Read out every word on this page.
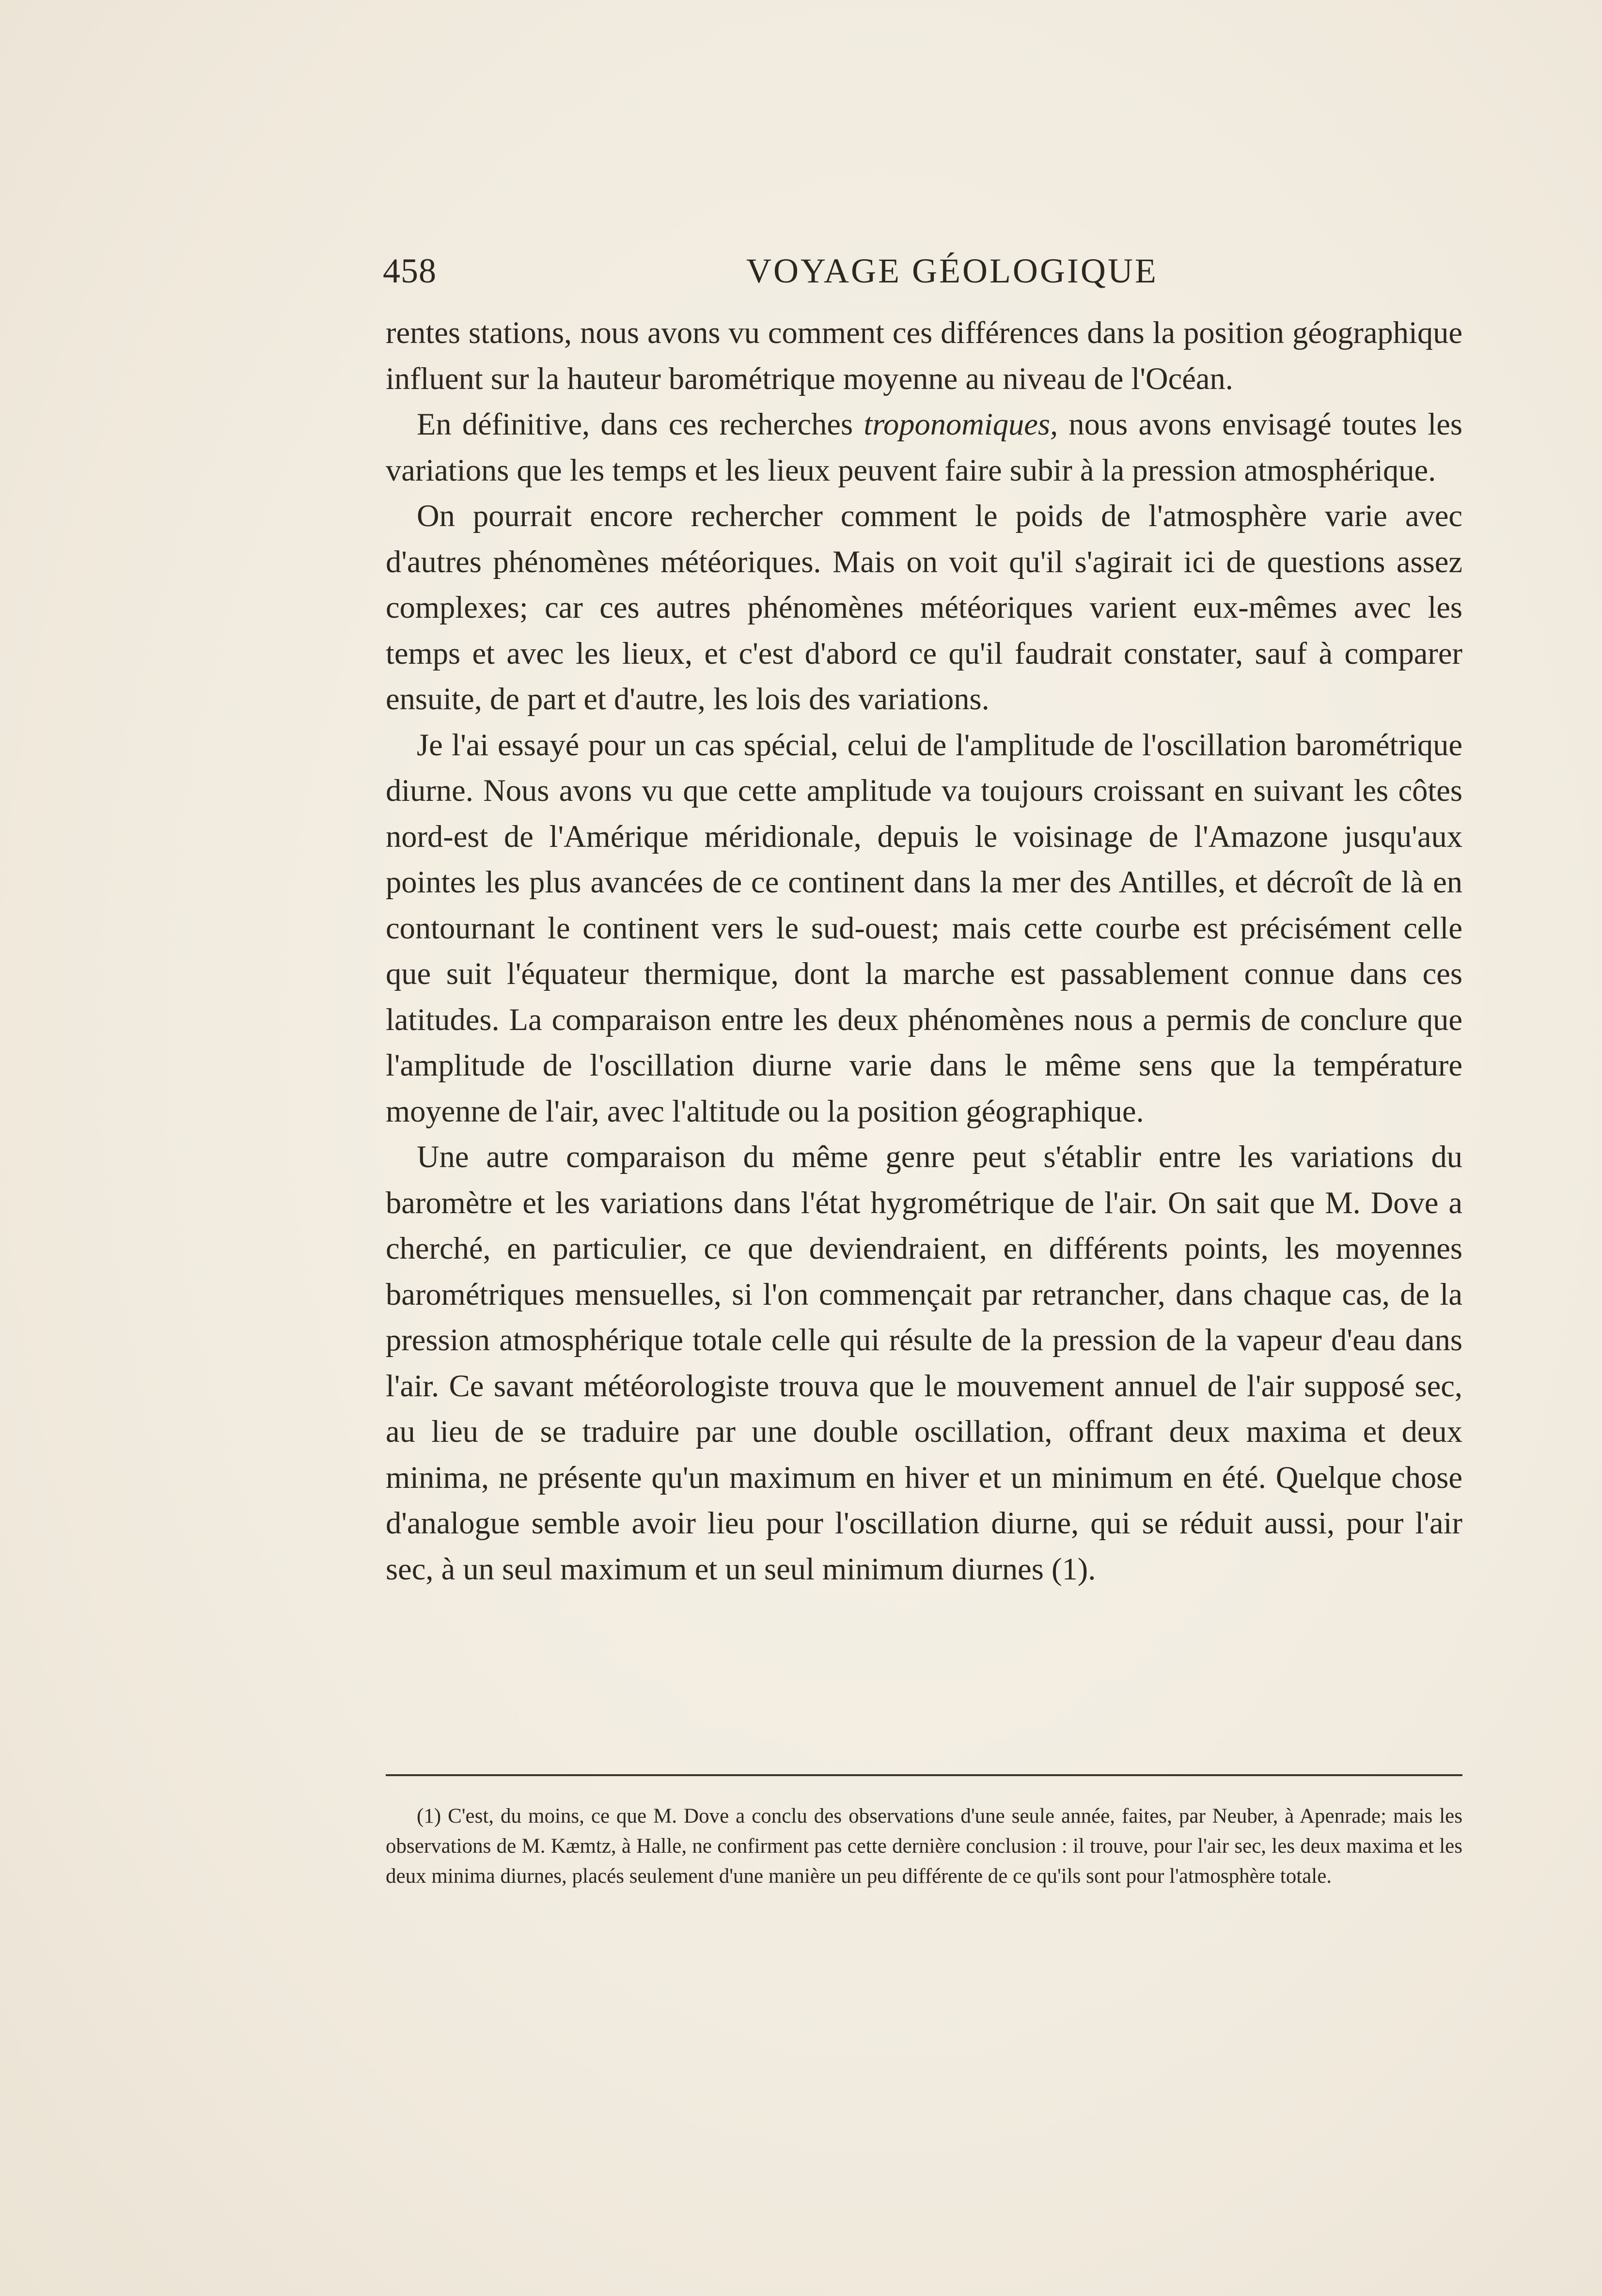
458	VOYAGE GÉOLOGIQUE

rentes stations, nous avons vu comment ces différences dans la position géographique influent sur la hauteur barométrique moyenne au niveau de l'Océan.

En définitive, dans ces recherches troponomiques, nous avons envisagé toutes les variations que les temps et les lieux peuvent faire subir à la pression atmosphérique.

On pourrait encore rechercher comment le poids de l'atmosphère varie avec d'autres phénomènes météoriques. Mais on voit qu'il s'agirait ici de questions assez complexes; car ces autres phénomènes météoriques varient eux-mêmes avec les temps et avec les lieux, et c'est d'abord ce qu'il faudrait constater, sauf à comparer ensuite, de part et d'autre, les lois des variations.

Je l'ai essayé pour un cas spécial, celui de l'amplitude de l'oscillation barométrique diurne. Nous avons vu que cette amplitude va toujours croissant en suivant les côtes nord-est de l'Amérique méridionale, depuis le voisinage de l'Amazone jusqu'aux pointes les plus avancées de ce continent dans la mer des Antilles, et décroît de là en contournant le continent vers le sud-ouest; mais cette courbe est précisément celle que suit l'équateur thermique, dont la marche est passablement connue dans ces latitudes. La comparaison entre les deux phénomènes nous a permis de conclure que l'amplitude de l'oscillation diurne varie dans le même sens que la température moyenne de l'air, avec l'altitude ou la position géographique.

Une autre comparaison du même genre peut s'établir entre les variations du baromètre et les variations dans l'état hygrométrique de l'air. On sait que M. Dove a cherché, en particulier, ce que deviendraient, en différents points, les moyennes barométriques mensuelles, si l'on commençait par retrancher, dans chaque cas, de la pression atmosphérique totale celle qui résulte de la pression de la vapeur d'eau dans l'air. Ce savant météorologiste trouva que le mouvement annuel de l'air supposé sec, au lieu de se traduire par une double oscillation, offrant deux maxima et deux minima, ne présente qu'un maximum en hiver et un minimum en été. Quelque chose d'analogue semble avoir lieu pour l'oscillation diurne, qui se réduit aussi, pour l'air sec, à un seul maximum et un seul minimum diurnes (1).

(1) C'est, du moins, ce que M. Dove a conclu des observations d'une seule année, faites, par Neuber, à Apenrade; mais les observations de M. Kæmtz, à Halle, ne confirment pas cette dernière conclusion : il trouve, pour l'air sec, les deux maxima et les deux minima diurnes, placés seulement d'une manière un peu différente de ce qu'ils sont pour l'atmosphère totale.
